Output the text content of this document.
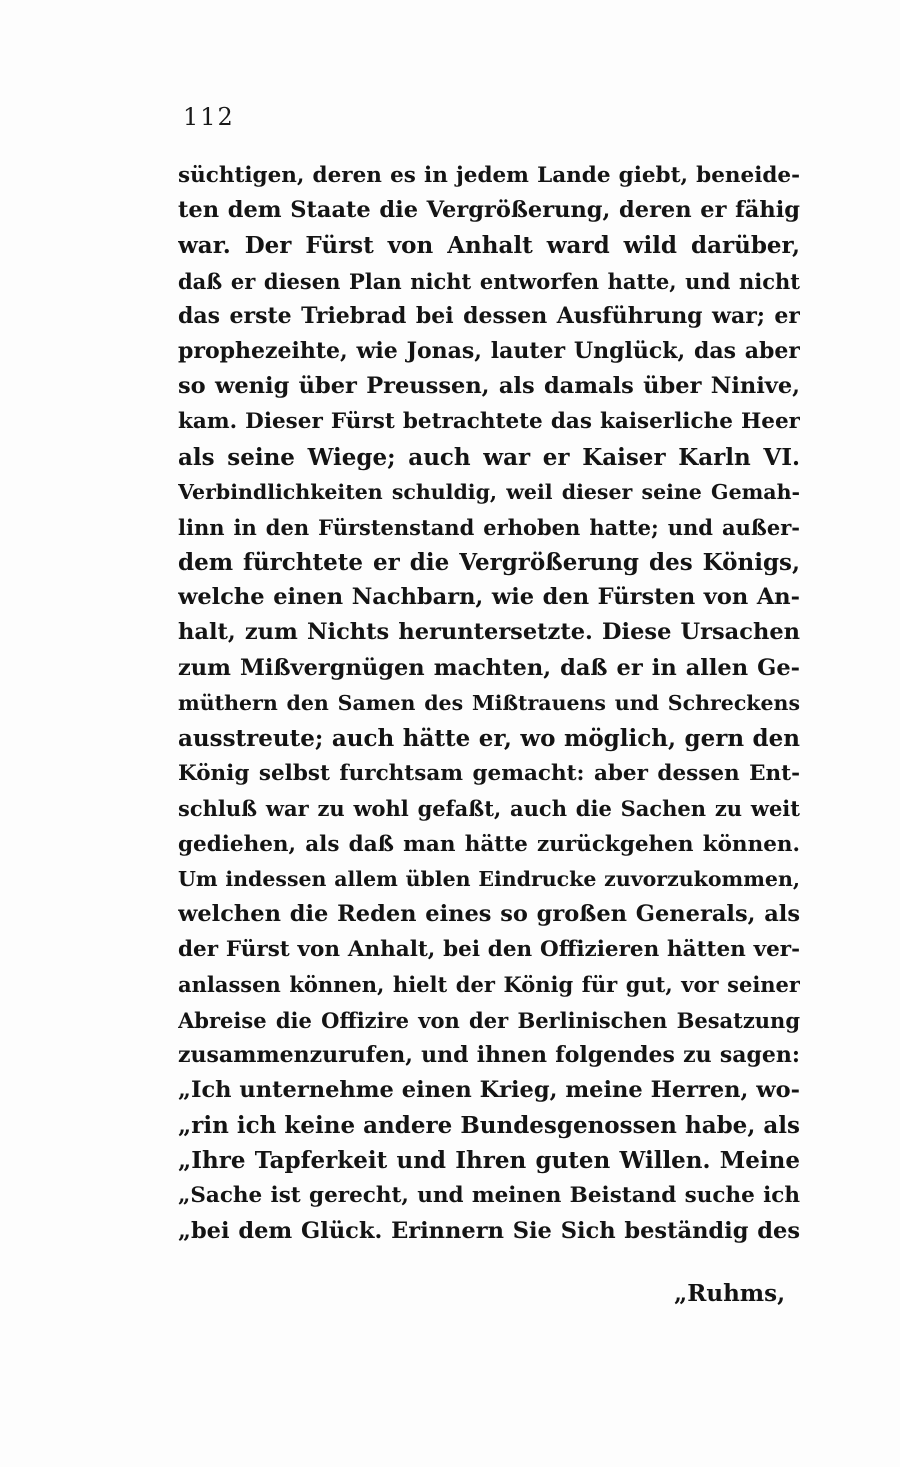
112
süchtigen, deren es in jedem Lande giebt, beneide-
ten dem Staate die Vergrößerung, deren er fähig
war. Der Fürst von Anhalt ward wild darüber,
daß er diesen Plan nicht entworfen hatte, und nicht
das erste Triebrad bei dessen Ausführung war; er
prophezeihte, wie Jonas, lauter Unglück, das aber
so wenig über Preussen, als damals über Ninive,
kam. Dieser Fürst betrachtete das kaiserliche Heer
als seine Wiege; auch war er Kaiser Karln VI.
Verbindlichkeiten schuldig, weil dieser seine Gemah-
linn in den Fürstenstand erhoben hatte; und außer-
dem fürchtete er die Vergrößerung des Königs,
welche einen Nachbarn, wie den Fürsten von An-
halt, zum Nichts heruntersetzte. Diese Ursachen
zum Mißvergnügen machten, daß er in allen Ge-
müthern den Samen des Mißtrauens und Schreckens
ausstreute; auch hätte er, wo möglich, gern den
König selbst furchtsam gemacht: aber dessen Ent-
schluß war zu wohl gefaßt, auch die Sachen zu weit
gediehen, als daß man hätte zurückgehen können.
Um indessen allem üblen Eindrucke zuvorzukommen,
welchen die Reden eines so großen Generals, als
der Fürst von Anhalt, bei den Offizieren hätten ver-
anlassen können, hielt der König für gut, vor seiner
Abreise die Offizire von der Berlinischen Besatzung
zusammenzurufen, und ihnen folgendes zu sagen:
„Ich unternehme einen Krieg, meine Herren, wo-
„rin ich keine andere Bundesgenossen habe, als
„Ihre Tapferkeit und Ihren guten Willen. Meine
„Sache ist gerecht, und meinen Beistand suche ich
„bei dem Glück. Erinnern Sie Sich beständig des
„Ruhms,
